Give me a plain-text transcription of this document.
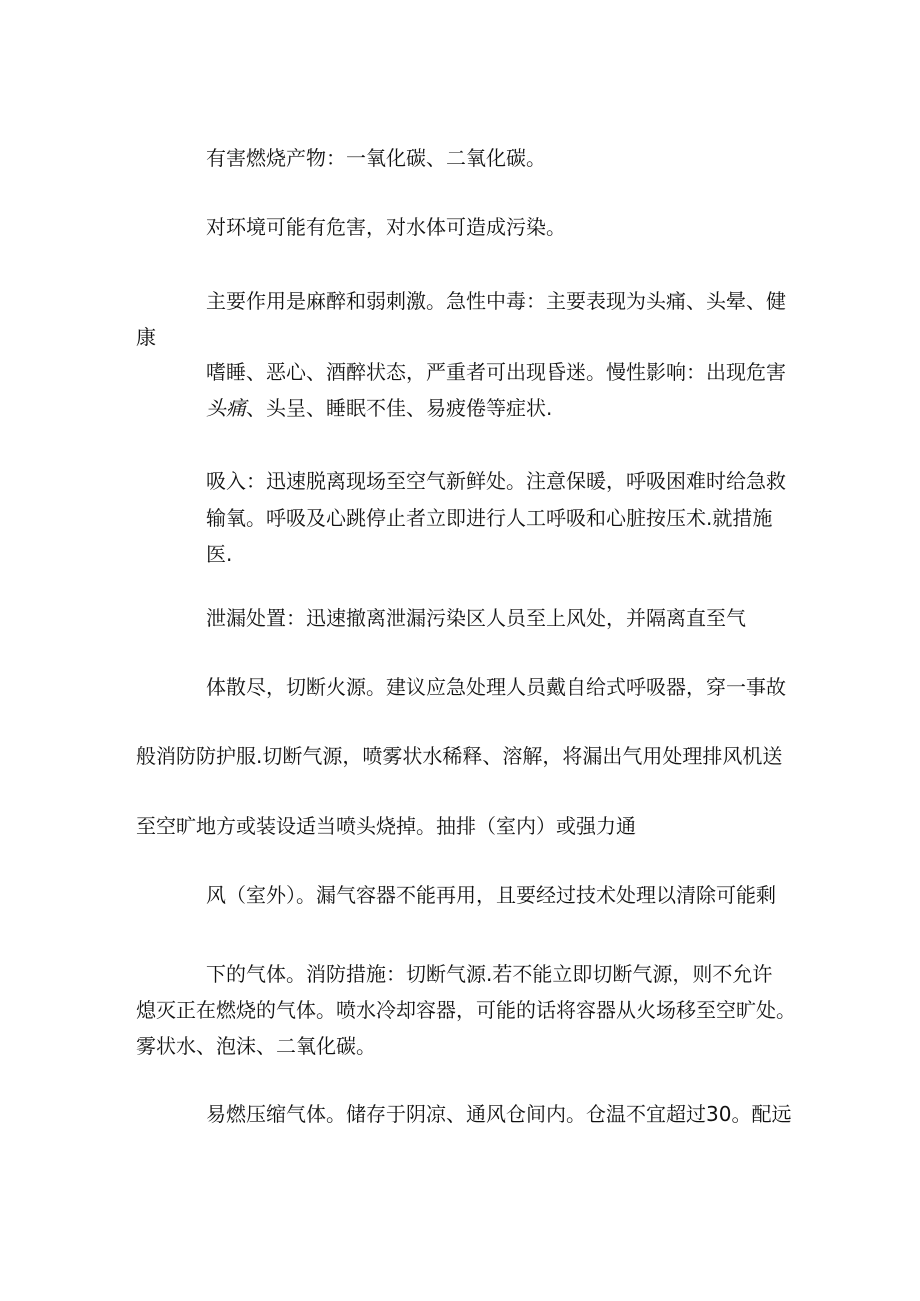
有害燃烧产物：一氧化碳、二氧化碳。
对环境可能有危害，对水体可造成污染。
主要作用是麻醉和弱刺激。急性中毒：主要表现为头痛、头晕、健
康
嗜睡、恶心、酒醉状态，严重者可出现昏迷。慢性影响：出现危害
头痛、头呈、睡眠不佳、易疲倦等症状.
吸入：迅速脱离现场至空气新鲜处。注意保暖，呼吸困难时给急救
输氧。呼吸及心跳停止者立即进行人工呼吸和心脏按压术.就措施
医.
泄漏处置：迅速撤离泄漏污染区人员至上风处，并隔离直至气
体散尽，切断火源。建议应急处理人员戴自给式呼吸器，穿一事故
般消防防护服.切断气源，喷雾状水稀释、溶解，将漏出气用处理排风机送
至空旷地方或装设适当喷头烧掉。抽排（室内）或强力通
风（室外）。漏气容器不能再用，且要经过技术处理以清除可能剩
下的气体。消防措施：切断气源.若不能立即切断气源，则不允许
熄灭正在燃烧的气体。喷水冷却容器，可能的话将容器从火场移至空旷处。
雾状水、泡沫、二氧化碳。
易燃压缩气体。储存于阴凉、通风仓间内。仓温不宜超过30。配远
